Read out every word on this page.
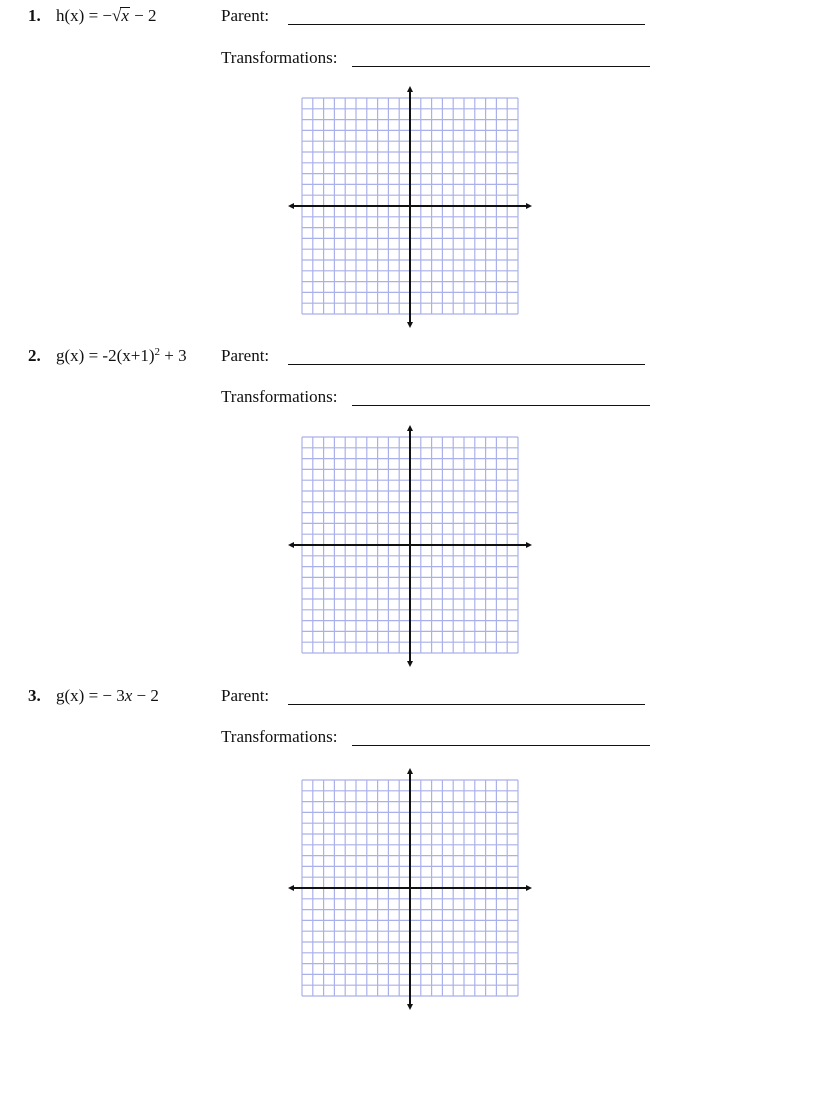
1. h(x) = −√x − 2	Parent:
Transformations:
2. $g(x) = -2(x+1)^2 + 3$ Parent:
Transformations:
3. g(x) = − 3x − 2	Parent:
Transformations:
